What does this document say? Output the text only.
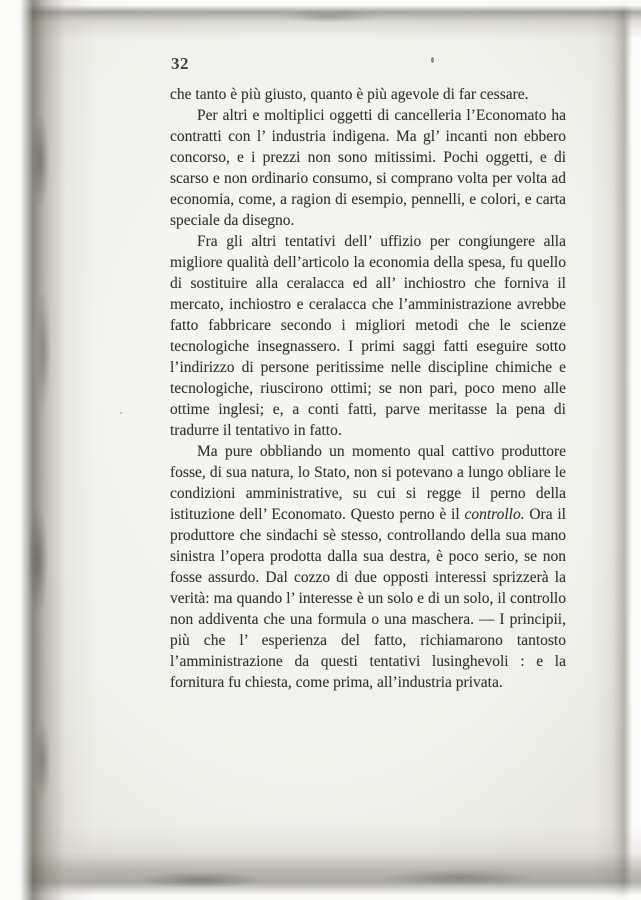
32

che tanto è più giusto, quanto è più agevole di far cessare.

Per altri e moltiplici oggetti di cancelleria l’Economato ha contratti con l’ industria indigena. Ma gl’ incanti non ebbero concorso, e i prezzi non sono mitissimi. Pochi oggetti, e di scarso e non ordinario consumo, si comprano volta per volta ad economia, come, a ragion di esempio, pennelli, e colori, e carta speciale da disegno.

Fra gli altri tentativi dell’ uffizio per congiungere alla migliore qualità dell’articolo la economia della spesa, fu quello di sostituire alla ceralacca ed all’ inchiostro che forniva il mercato, inchiostro e ceralacca che l’amministrazione avrebbe fatto fabbricare secondo i migliori metodi che le scienze tecnologiche insegnassero. I primi saggi fatti eseguire sotto l’indirizzo di persone peritissime nelle discipline chimiche e tecnologiche, riuscirono ottimi; se non pari, poco meno alle ottime inglesi; e, a conti fatti, parve meritasse la pena di tradurre il tentativo in fatto.

Ma pure obbliando un momento qual cattivo produttore fosse, di sua natura, lo Stato, non si potevano a lungo obliare le condizioni amministrative, su cui si regge il perno della istituzione dell’ Economato. Questo perno è il controllo. Ora il produttore che sindachi sè stesso, controllando della sua mano sinistra l’opera prodotta dalla sua destra, è poco serio, se non fosse assurdo. Dal cozzo di due opposti interessi sprizzerà la verità: ma quando l’ interesse è un solo e di un solo, il controllo non addiventa che una formula o una maschera. — I principii, più che l’ esperienza del fatto, richiamarono tantosto l’amministrazione da questi tentativi lusinghevoli : e la fornitura fu chiesta, come prima, all’industria privata.
